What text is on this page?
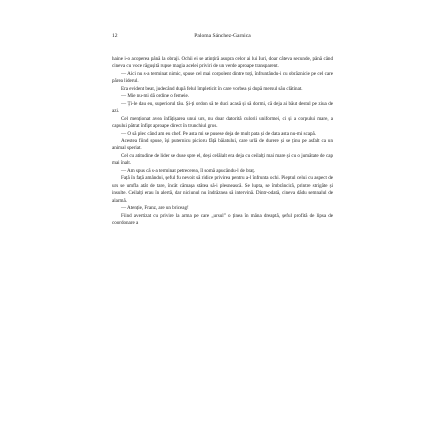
12	Paloma Sánchez-Garnica

haine i-o acoperea până la obraji. Ochii ei se atințiră asupra celor ai lui Iuri, doar câteva secunde, până când cineva cu voce răgușită rupse magia acelei priviri de un verde aproape transparent.

— Aici nu s-a terminat nimic, spuse cel mai corpolent dintre toți, înfruntându-i cu obrăznicie pe cel care părea liderul.

Era evident beat, judecând după felul împleticit în care vorbea și după mersul său clătinat.

— Mie nu-mi dă ordine o femeie.

— Ți-le dau eu, superiorul tău. Și-ți ordon să te duci acasă și să dormi, că deja ai băut destul pe ziua de azi.

Cel menționat avea înfățișarea unui urs, nu doar datorită culorii uniformei, ci și a corpului mare, a capului pătrat înfipt aproape direct în trunchiul gros.

— O să plec când am eu chef. Pe asta mi se pusese deja de mult pata și de data asta nu-mi scapă.

Acestea fiind spuse, își puternicu picioru făță băiatului, care urlă de durere și se ținu pe asfalt ca un animal speriat.

Cel cu atitudine de lider se duse spre el, deși celălalt era deja cu ceilalți mai mare și cu o jumătate de cap mai înalt.

— Am spus că s-a terminat petrecerea, îl somă apucându-l de braț.

Față în față amândoi, șeful fu nevoit să ridice privirea pentru a-l înfrunta ochi. Pieptul celui cu aspect de urs se umfla atât de tare, încât cămașa stătea să-i plesnească. Se lupta, se îmbrânciră, printre strigăte și insulte. Ceilalți erau în alertă, dar niciunul nu îndrăznea să intervină. Dintr-odată, cineva dădu semnalul de alarmă.

— Atenție, Franz, are un briceag!

Fiind avertizat cu privire la arma pe care „ursul” o ținea în mâna dreaptă, șeful profită de lipsa de coordonare a
